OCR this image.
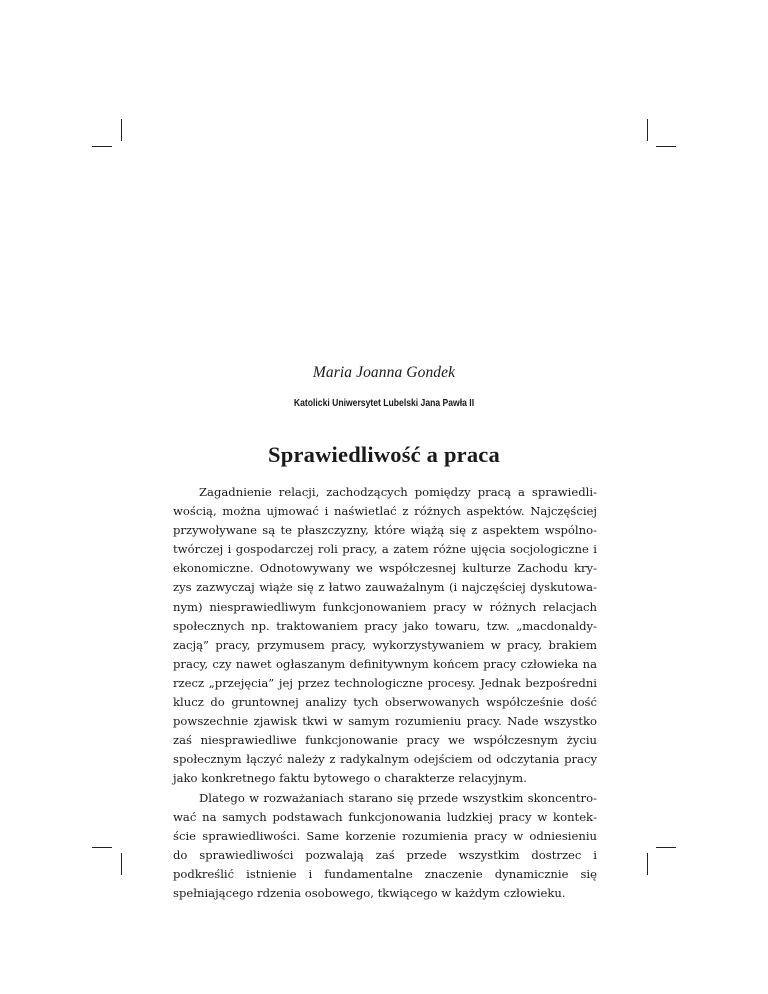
Maria Joanna Gondek
Katolicki Uniwersytet Lubelski Jana Pawła II
Sprawiedliwość a praca

Zagadnienie relacji, zachodzących pomiędzy pracą a sprawiedliwością, można ujmować i naświetlać z różnych aspektów. Najczęściej przywoływane są te płaszczyzny, które wiążą się z aspektem wspólnotwórczej i gospodarczej roli pracy, a zatem różne ujęcia socjologiczne i ekonomiczne. Odnotowywany we współczesnej kulturze Zachodu kryzys zazwyczaj wiąże się z łatwo zauważalnym (i najczęściej dyskutowanym) niesprawiedliwym funkcjonowaniem pracy w różnych relacjach społecznych np. traktowaniem pracy jako towaru, tzw. „macdonaldyzacją” pracy, przymusem pracy, wykorzystywaniem w pracy, brakiem pracy, czy nawet ogłaszanym definitywnym końcem pracy człowieka na rzecz „przejęcia” jej przez technologiczne procesy. Jednak bezpośredni klucz do gruntownej analizy tych obserwowanych współcześnie dość powszechnie zjawisk tkwi w samym rozumieniu pracy. Nade wszystko zaś niesprawiedliwe funkcjonowanie pracy we współczesnym życiu społecznym łączyć należy z radykalnym odejściem od odczytania pracy jako konkretnego faktu bytowego o charakterze relacyjnym.

Dlatego w rozważaniach starano się przede wszystkim skoncentrować na samych podstawach funkcjonowania ludzkiej pracy w kontekście sprawiedliwości. Same korzenie rozumienia pracy w odniesieniu do sprawiedliwości pozwalają zaś przede wszystkim dostrzec i podkreślić istnienie i fundamentalne znaczenie dynamicznie się spełniającego rdzenia osobowego, tkwiącego w każdym człowieku.
